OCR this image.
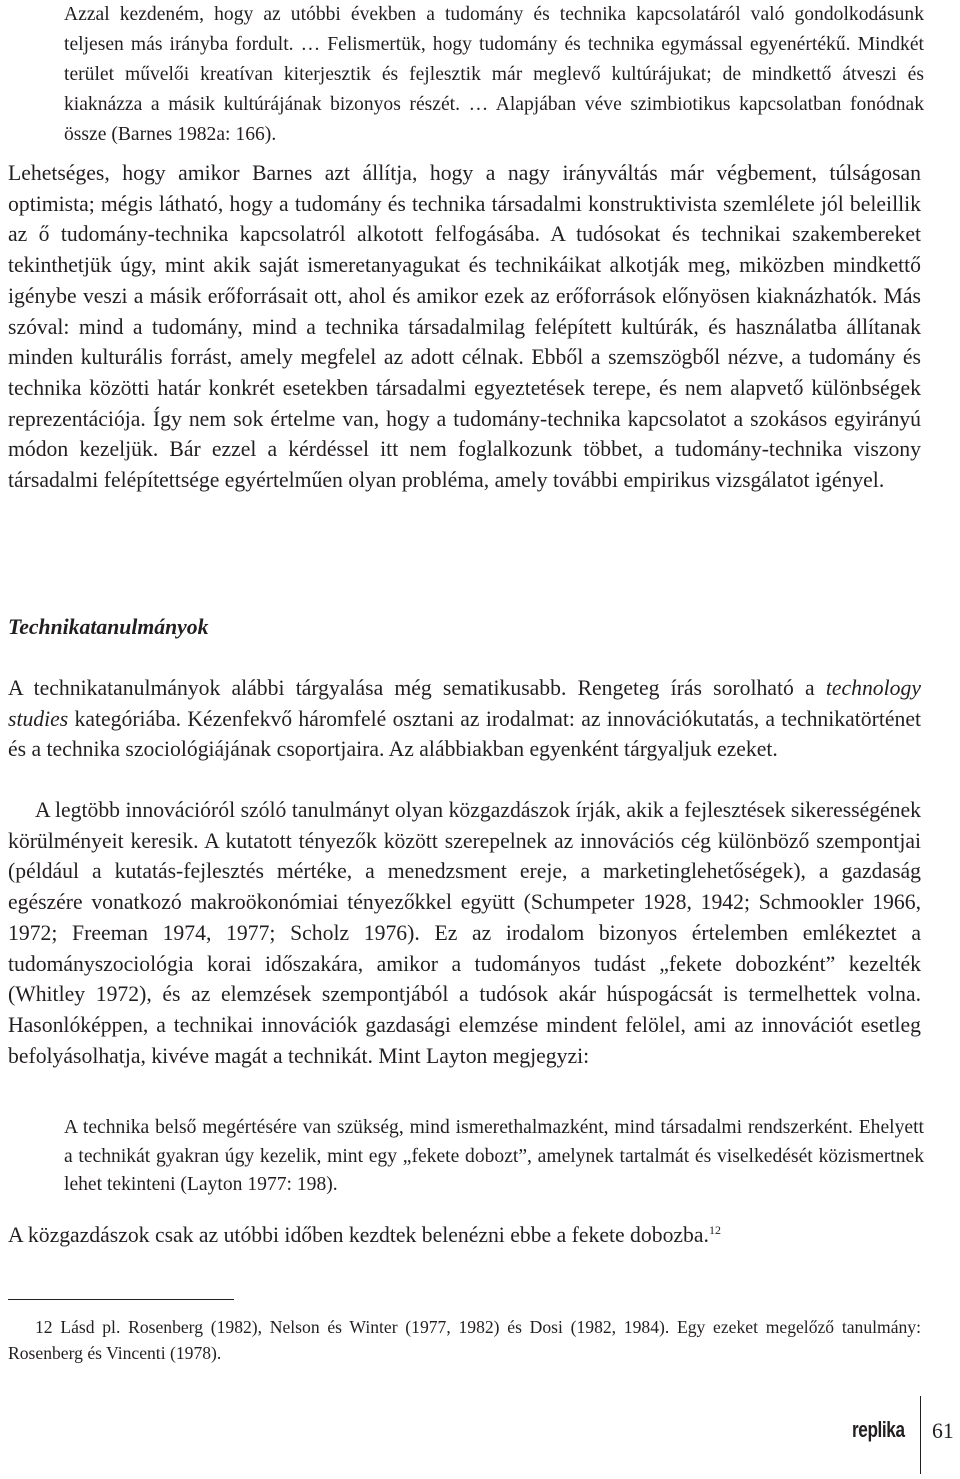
Azzal kezdeném, hogy az utóbbi években a tudomány és technika kapcsolatáról való gondolkodásunk teljesen más irányba fordult. … Felismertük, hogy tudomány és technika egymással egyenértékű. Mindkét terület művelői kreatívan kiterjesztik és fejlesztik már meglevő kultúrájukat; de mindkettő átveszi és kiaknázza a másik kultúrájának bizonyos részét. … Alapjában véve szimbiotikus kapcsolatban fonódnak össze (Barnes 1982a: 166).

Lehetséges, hogy amikor Barnes azt állítja, hogy a nagy irányváltás már végbement, túlságosan optimista; mégis látható, hogy a tudomány és technika társadalmi konstruktivista szemlélete jól beleillik az ő tudomány-technika kapcsolatról alkotott felfogásába. A tudósokat és technikai szakembereket tekinthetjük úgy, mint akik saját ismeretanyagukat és technikáikat alkotják meg, miközben mindkettő igénybe veszi a másik erőforrásait ott, ahol és amikor ezek az erőforrások előnyösen kiaknázhatók. Más szóval: mind a tudomány, mind a technika társadalmilag felépített kultúrák, és használatba állítanak minden kulturális forrást, amely megfelel az adott célnak. Ebből a szemszögből nézve, a tudomány és technika közötti határ konkrét esetekben társadalmi egyeztetések terepe, és nem alapvető különbségek reprezentációja. Így nem sok értelme van, hogy a tudomány-technika kapcsolatot a szokásos egyirányú módon kezeljük. Bár ezzel a kérdéssel itt nem foglalkozunk többet, a tudomány-technika viszony társadalmi felépítettsége egyértelműen olyan probléma, amely további empirikus vizsgálatot igényel.

Technikatanulmányok

A technikatanulmányok alábbi tárgyalása még sematikusabb. Rengeteg írás sorolható a technology studies kategóriába. Kézenfekvő háromfelé osztani az irodalmat: az innovációkutatás, a technikatörténet és a technika szociológiájának csoportjaira. Az alábbiakban egyenként tárgyaljuk ezeket.

A legtöbb innovációról szóló tanulmányt olyan közgazdászok írják, akik a fejlesztések sikerességének körülményeit keresik. A kutatott tényezők között szerepelnek az innovációs cég különböző szempontjai (például a kutatás-fejlesztés mértéke, a menedzsment ereje, a marketinglehetőségek), a gazdaság egészére vonatkozó makroökonómiai tényezőkkel együtt (Schumpeter 1928, 1942; Schmookler 1966, 1972; Freeman 1974, 1977; Scholz 1976). Ez az irodalom bizonyos értelemben emlékeztet a tudományszociológia korai időszakára, amikor a tudományos tudást „fekete dobozként” kezelték (Whitley 1972), és az elemzések szempontjából a tudósok akár húspogácsát is termelhettek volna. Hasonlóképpen, a technikai innovációk gazdasági elemzése mindent felölel, ami az innovációt esetleg befolyásolhatja, kivéve magát a technikát. Mint Layton megjegyzi:

A technika belső megértésére van szükség, mind ismerethalmazként, mind társadalmi rendszerként. Ehelyett a technikát gyakran úgy kezelik, mint egy „fekete dobozt”, amelynek tartalmát és viselkedését közismertnek lehet tekinteni (Layton 1977: 198).

A közgazdászok csak az utóbbi időben kezdtek belenézni ebbe a fekete dobozba.$^{12}$

12 Lásd pl. Rosenberg (1982), Nelson és Winter (1977, 1982) és Dosi (1982, 1984). Egy ezeket megelőző tanulmány: Rosenberg és Vincenti (1978).

replika 61
